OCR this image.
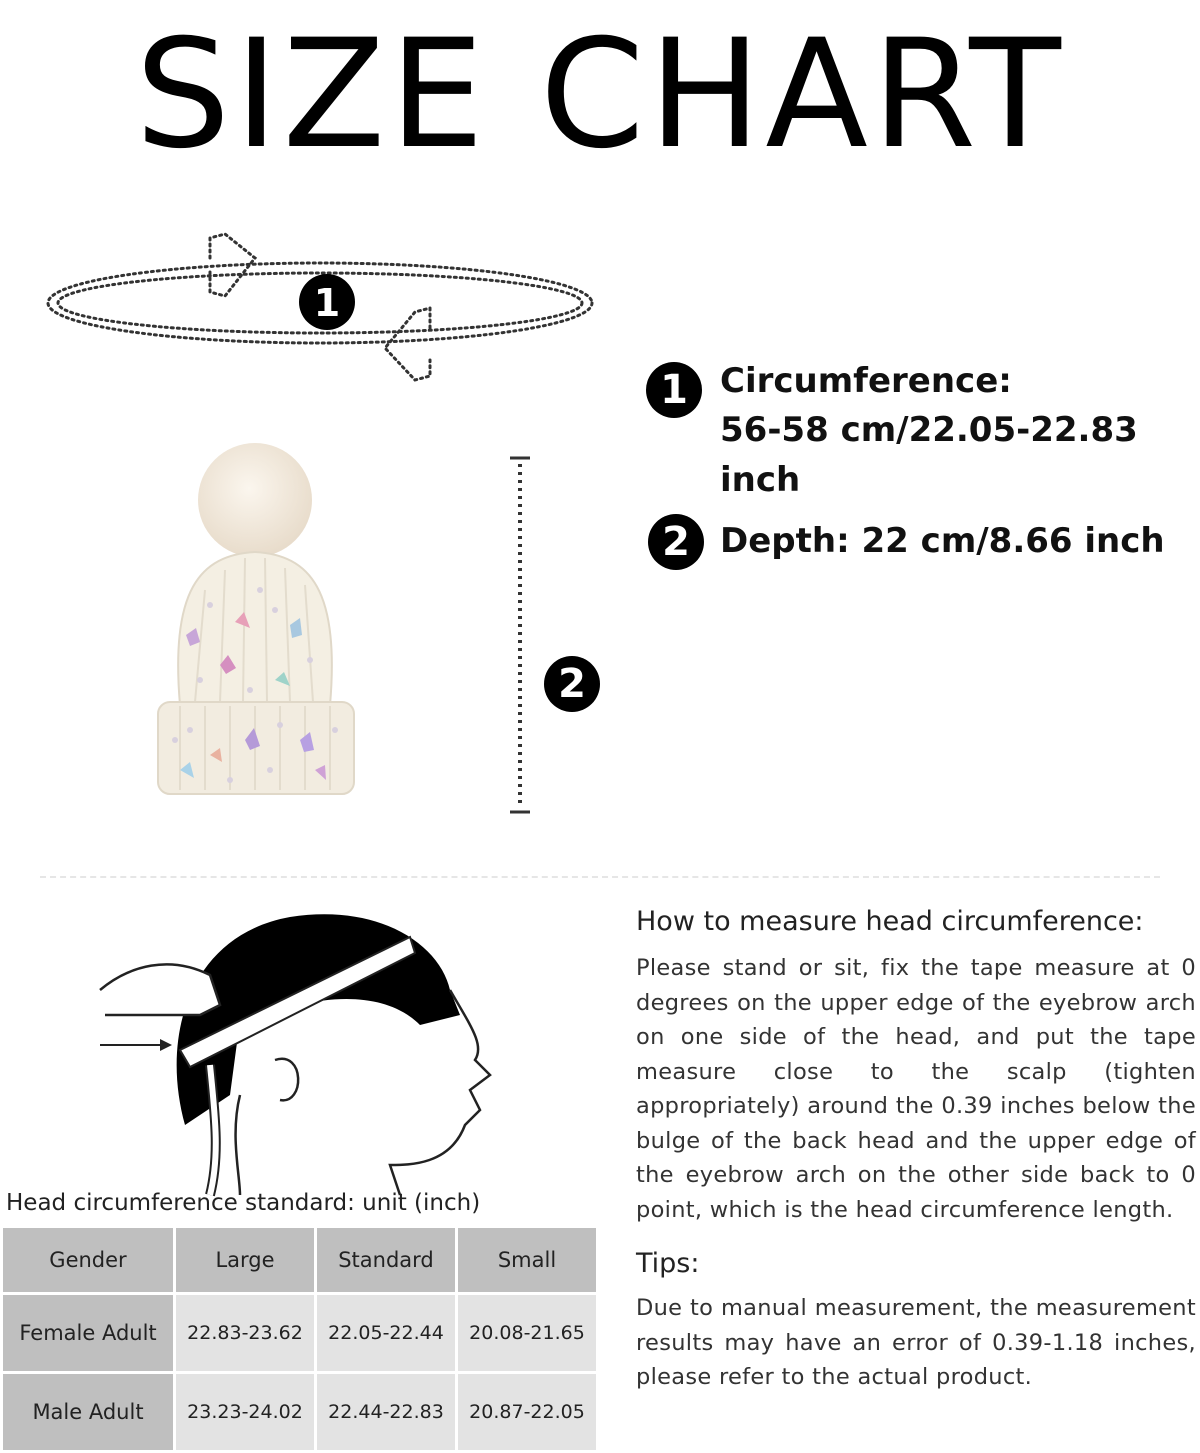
SIZE CHART
1
2
1 Circumference:
56-58 cm/22.05-22.83 inch
2 Depth: 22 cm/8.66 inch
How to measure head circumference:
Please stand or sit, fix the tape measure at 0 degrees on the upper edge of the eyebrow arch on one side of the head, and put the tape measure close to the scalp (tighten appropriately) around the 0.39 inches below the bulge of the back head and the upper edge of the eyebrow arch on the other side back to 0 point, which is the head circumference length.
Tips:
Due to manual measurement, the measurement results may have an error of 0.39-1.18 inches, please refer to the actual product.
Head circumference standard: unit (inch)
Gender	Large	Standard	Small
Female Adult	22.83-23.62	22.05-22.44	20.08-21.65
Male Adult	23.23-24.02	22.44-22.83	20.87-22.05
